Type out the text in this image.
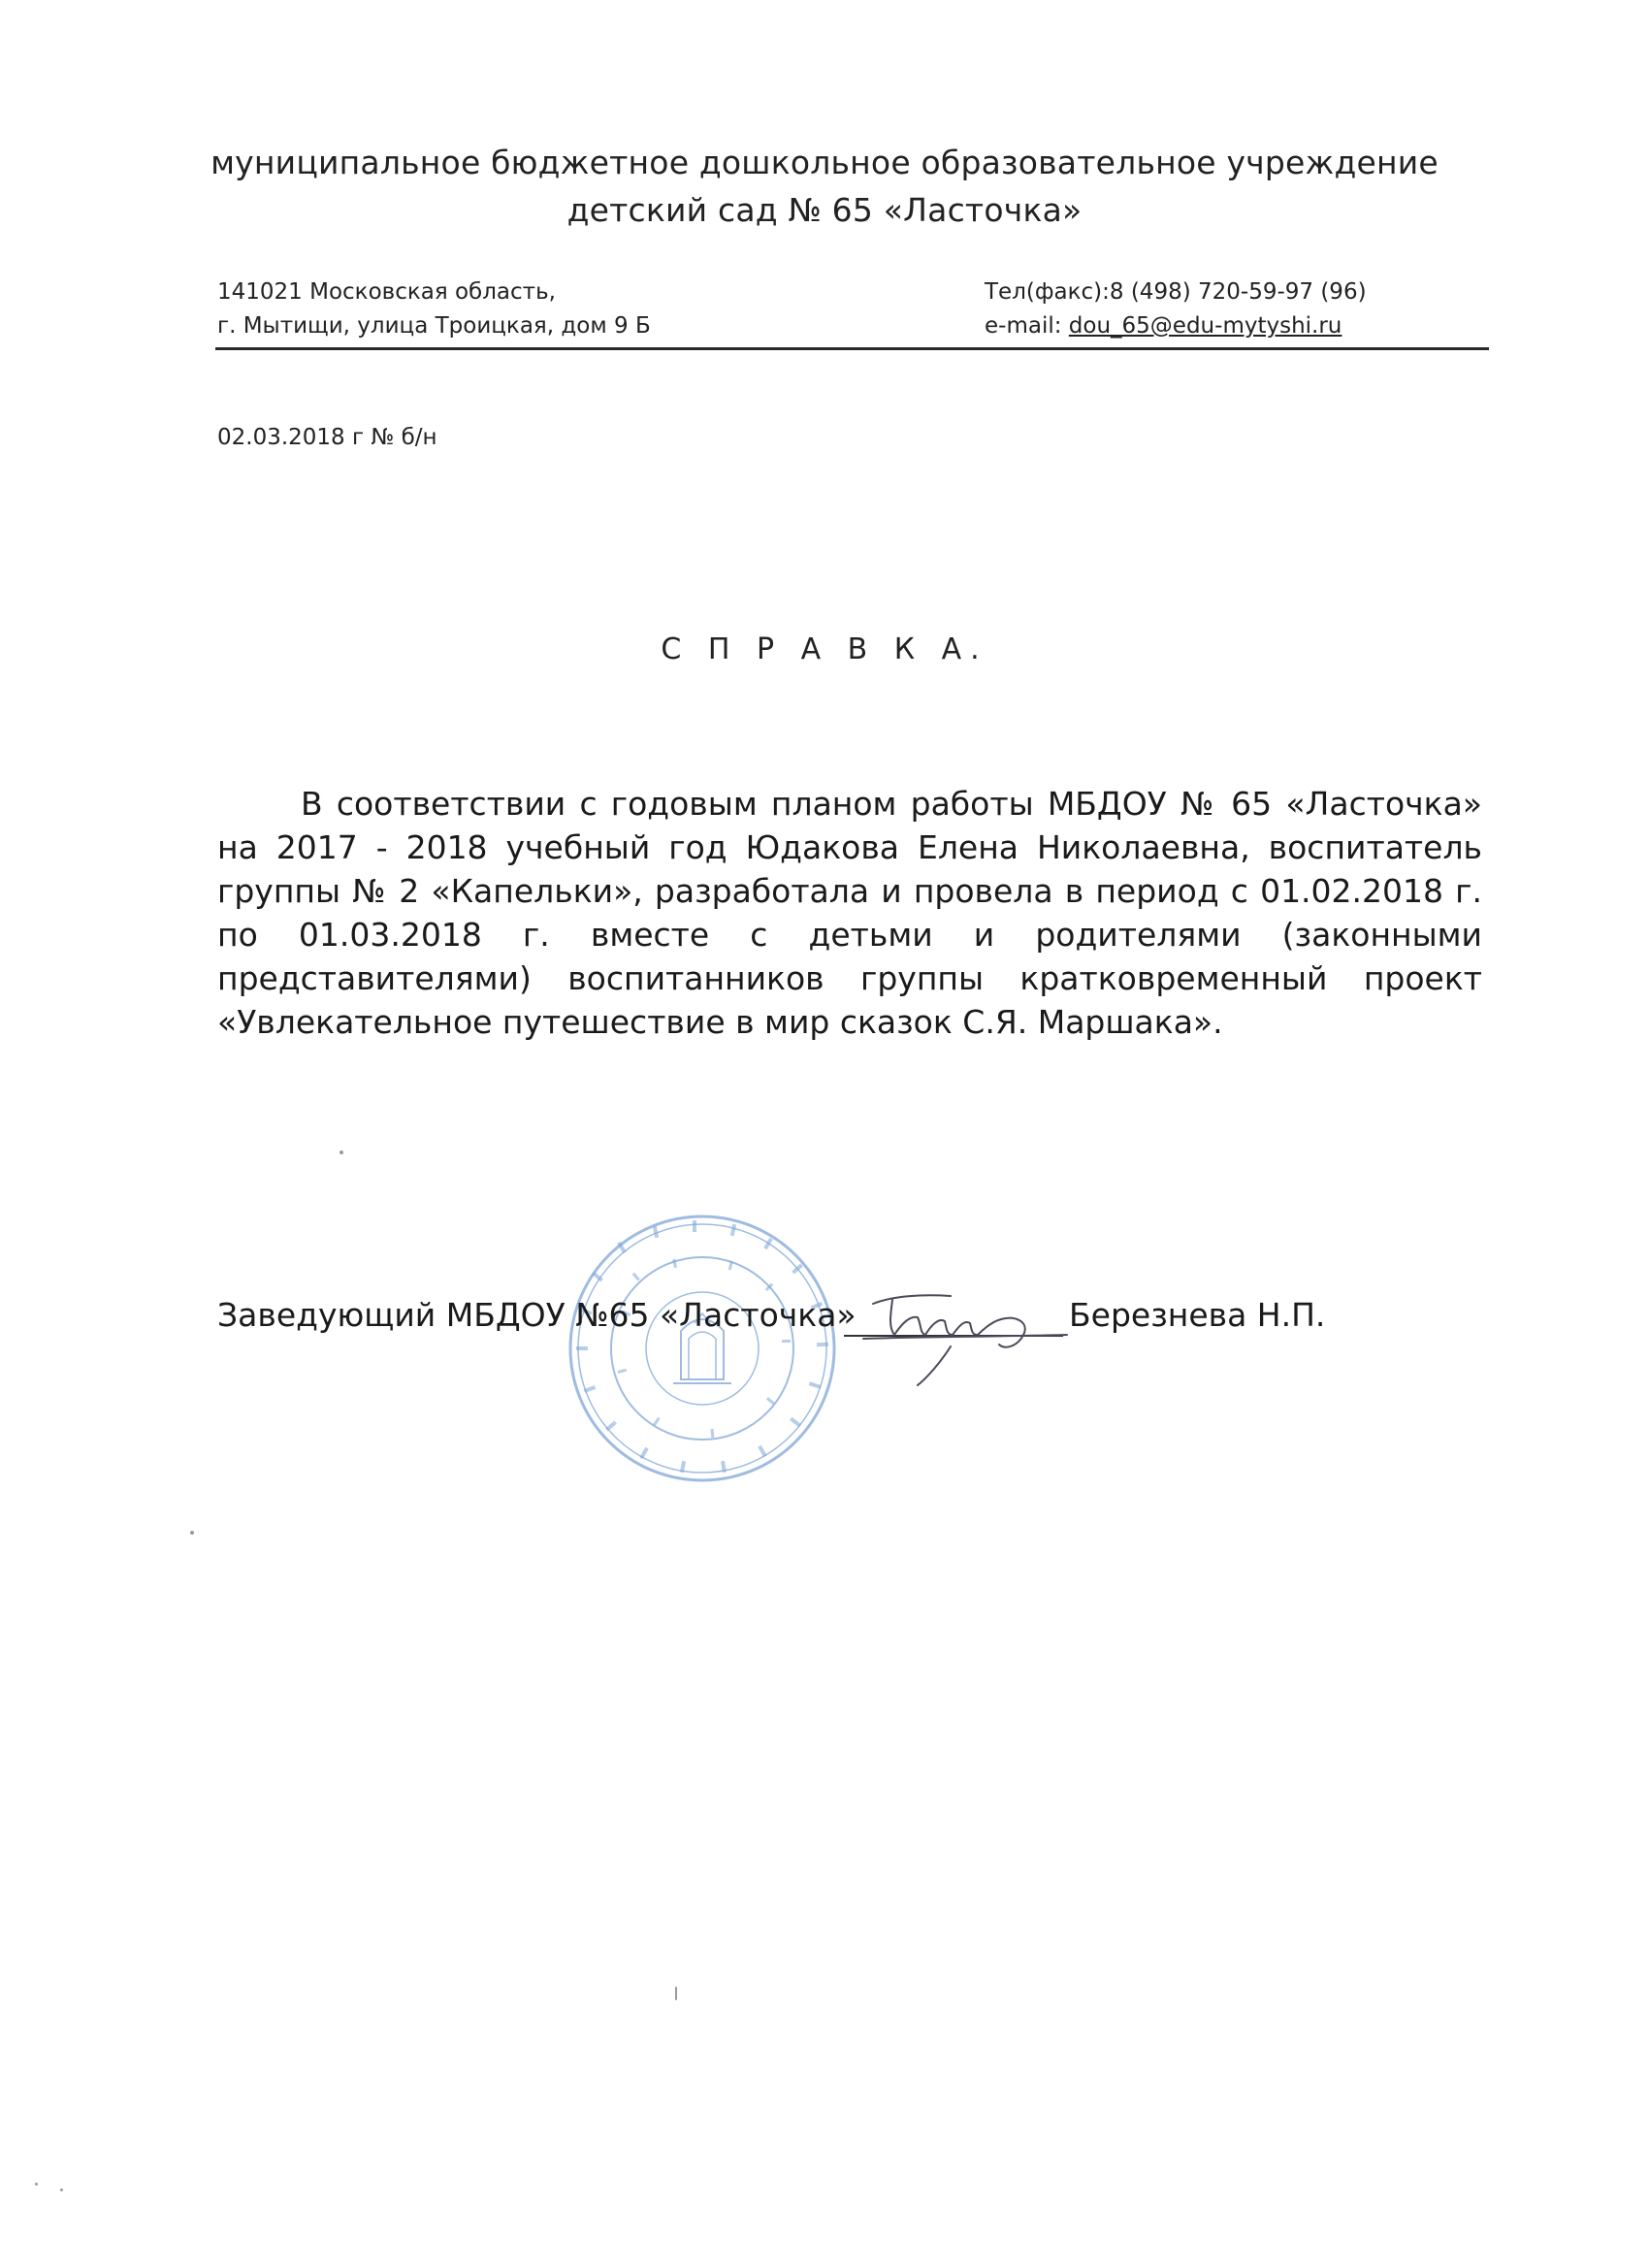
муниципальное бюджетное дошкольное образовательное учреждение
детский сад № 65 «Ласточка»
141021 Московская область,
г. Мытищи, улица Троицкая, дом 9 Б
Тел(факс):8 (498) 720-59-97 (96)
e-mail: dou_65@edu-mytyshi.ru
02.03.2018 г № б/н
С П Р А В К А.
В соответствии с годовым планом работы МБДОУ № 65 «Ласточка» на 2017 - 2018 учебный год Юдакова Елена Николаевна, воспитатель группы № 2 «Капельки», разработала и провела в период с 01.02.2018 г. по 01.03.2018 г. вместе с детьми и родителями (законными представителями) воспитанников группы кратковременный проект «Увлекательное путешествие в мир сказок С.Я. Маршака».
Заведующий МБДОУ №65 «Ласточка»	Березнева Н.П.
